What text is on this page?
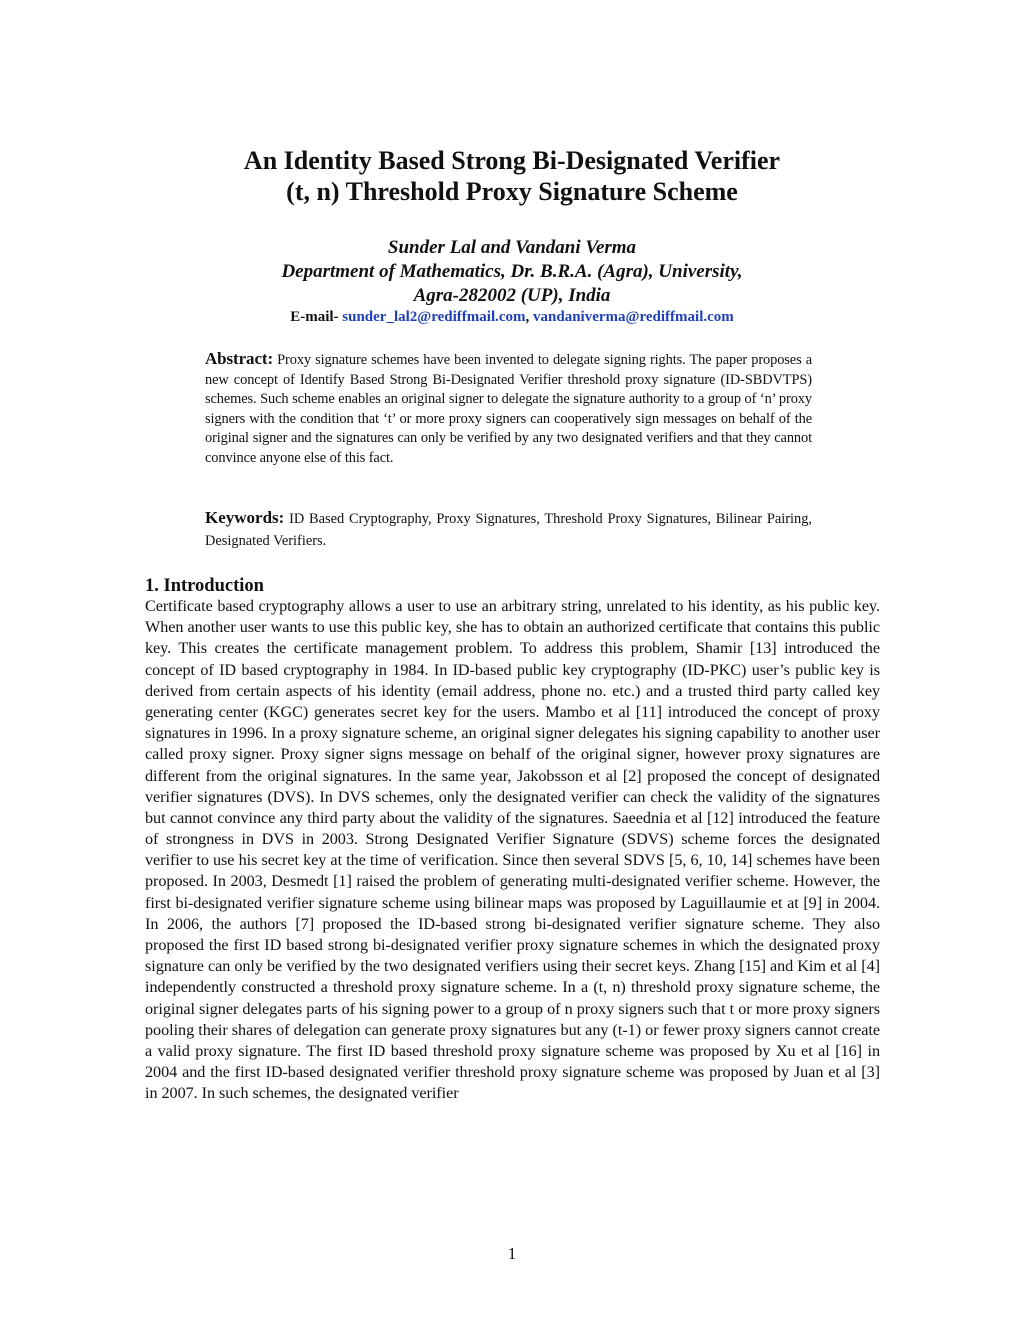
An Identity Based Strong Bi-Designated Verifier
(t, n) Threshold Proxy Signature Scheme
Sunder Lal and Vandani Verma
Department of Mathematics, Dr. B.R.A. (Agra), University,
Agra-282002 (UP), India
E-mail- sunder_lal2@rediffmail.com, vandaniverma@rediffmail.com
Abstract: Proxy signature schemes have been invented to delegate signing rights. The paper proposes a new concept of Identify Based Strong Bi-Designated Verifier threshold proxy signature (ID-SBDVTPS) schemes. Such scheme enables an original signer to delegate the signature authority to a group of ‘n’ proxy signers with the condition that ‘t’ or more proxy signers can cooperatively sign messages on behalf of the original signer and the signatures can only be verified by any two designated verifiers and that they cannot convince anyone else of this fact.
Keywords: ID Based Cryptography, Proxy Signatures, Threshold Proxy Signatures, Bilinear Pairing, Designated Verifiers.
1. Introduction
Certificate based cryptography allows a user to use an arbitrary string, unrelated to his identity, as his public key. When another user wants to use this public key, she has to obtain an authorized certificate that contains this public key. This creates the certificate management problem. To address this problem, Shamir [13] introduced the concept of ID based cryptography in 1984. In ID-based public key cryptography (ID-PKC) user’s public key is derived from certain aspects of his identity (email address, phone no. etc.) and a trusted third party called key generating center (KGC) generates secret key for the users. Mambo et al [11] introduced the concept of proxy signatures in 1996. In a proxy signature scheme, an original signer delegates his signing capability to another user called proxy signer. Proxy signer signs message on behalf of the original signer, however proxy signatures are different from the original signatures. In the same year, Jakobsson et al [2] proposed the concept of designated verifier signatures (DVS). In DVS schemes, only the designated verifier can check the validity of the signatures but cannot convince any third party about the validity of the signatures. Saeednia et al [12] introduced the feature of strongness in DVS in 2003. Strong Designated Verifier Signature (SDVS) scheme forces the designated verifier to use his secret key at the time of verification. Since then several SDVS [5, 6, 10, 14] schemes have been proposed. In 2003, Desmedt [1] raised the problem of generating multi-designated verifier scheme. However, the first bi-designated verifier signature scheme using bilinear maps was proposed by Laguillaumie et at [9] in 2004. In 2006, the authors [7] proposed the ID-based strong bi-designated verifier signature scheme. They also proposed the first ID based strong bi-designated verifier proxy signature schemes in which the designated proxy signature can only be verified by the two designated verifiers using their secret keys. Zhang [15] and Kim et al [4] independently constructed a threshold proxy signature scheme. In a (t, n) threshold proxy signature scheme, the original signer delegates parts of his signing power to a group of n proxy signers such that t or more proxy signers pooling their shares of delegation can generate proxy signatures but any (t-1) or fewer proxy signers cannot create a valid proxy signature. The first ID based threshold proxy signature scheme was proposed by Xu et al [16] in 2004 and the first ID-based designated verifier threshold proxy signature scheme was proposed by Juan et al [3] in 2007. In such schemes, the designated verifier
1
